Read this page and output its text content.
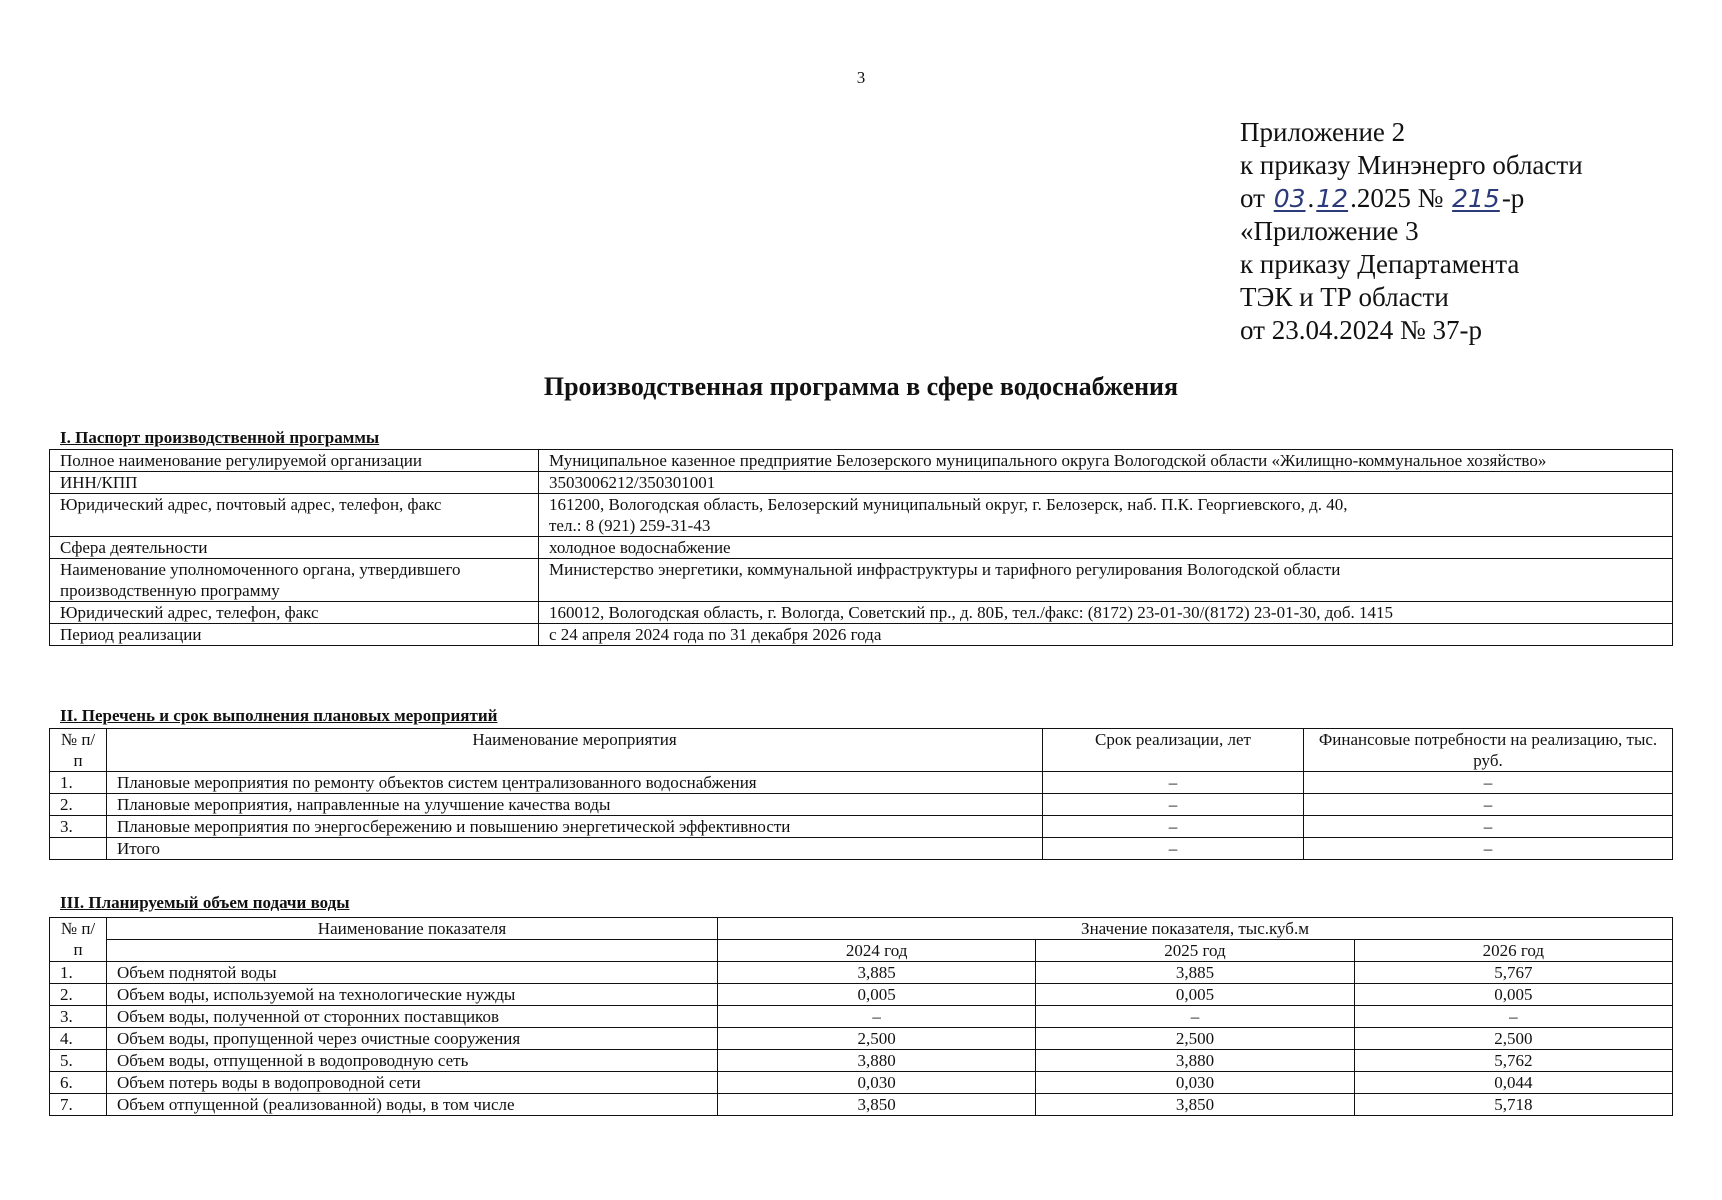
3
Приложение 2
к приказу Минэнерго области
от 03.12.2025 № 215-р
«Приложение 3
к приказу Департамента
ТЭК и ТР области
от 23.04.2024 № 37-р
Производственная программа в сфере водоснабжения
I. Паспорт производственной программы
Полное наименование регулируемой организации	Муниципальное казенное предприятие Белозерского муниципального округа Вологодской области «Жилищно-коммунальное хозяйство»
ИНН/КПП	3503006212/350301001
Юридический адрес, почтовый адрес, телефон, факс	161200, Вологодская область, Белозерский муниципальный округ, г. Белозерск, наб. П.К. Георгиевского, д. 40,
тел.: 8 (921) 259-31-43

Сфера деятельности	холодное водоснабжение
Наименование уполномоченного органа, утвердившего производственную программу	Министерство энергетики, коммунальной инфраструктуры и тарифного регулирования Вологодской области
Юридический адрес, телефон, факс	160012, Вологодская область, г. Вологда, Советский пр., д. 80Б, тел./факс: (8172) 23-01-30/(8172) 23-01-30, доб. 1415
Период реализации	с 24 апреля 2024 года по 31 декабря 2026 года
II. Перечень и срок выполнения плановых мероприятий
№ п/п	Наименование мероприятия	Срок реализации, лет	Финансовые потребности на реализацию, тыс. руб.
1.	Плановые мероприятия по ремонту объектов систем централизованного водоснабжения	–	–
2.	Плановые мероприятия, направленные на улучшение качества воды	–	–
3.	Плановые мероприятия по энергосбережению и повышению энергетической эффективности	–	–
	Итого	–	–
III. Планируемый объем подачи воды
№ п/п	Наименование показателя	Значение показателя, тыс.куб.м		
		2024 год	2025 год	2026 год
1.	Объем поднятой воды	3,885	3,885	5,767
2.	Объем воды, используемой на технологические нужды	0,005	0,005	0,005
3.	Объем воды, полученной от сторонних поставщиков	–	–	–
4.	Объем воды, пропущенной через очистные сооружения	2,500	2,500	2,500
5.	Объем воды, отпущенной в водопроводную сеть	3,880	3,880	5,762
6.	Объем потерь воды в водопроводной сети	0,030	0,030	0,044
7.	Объем отпущенной (реализованной) воды, в том числе	3,850	3,850	5,718
